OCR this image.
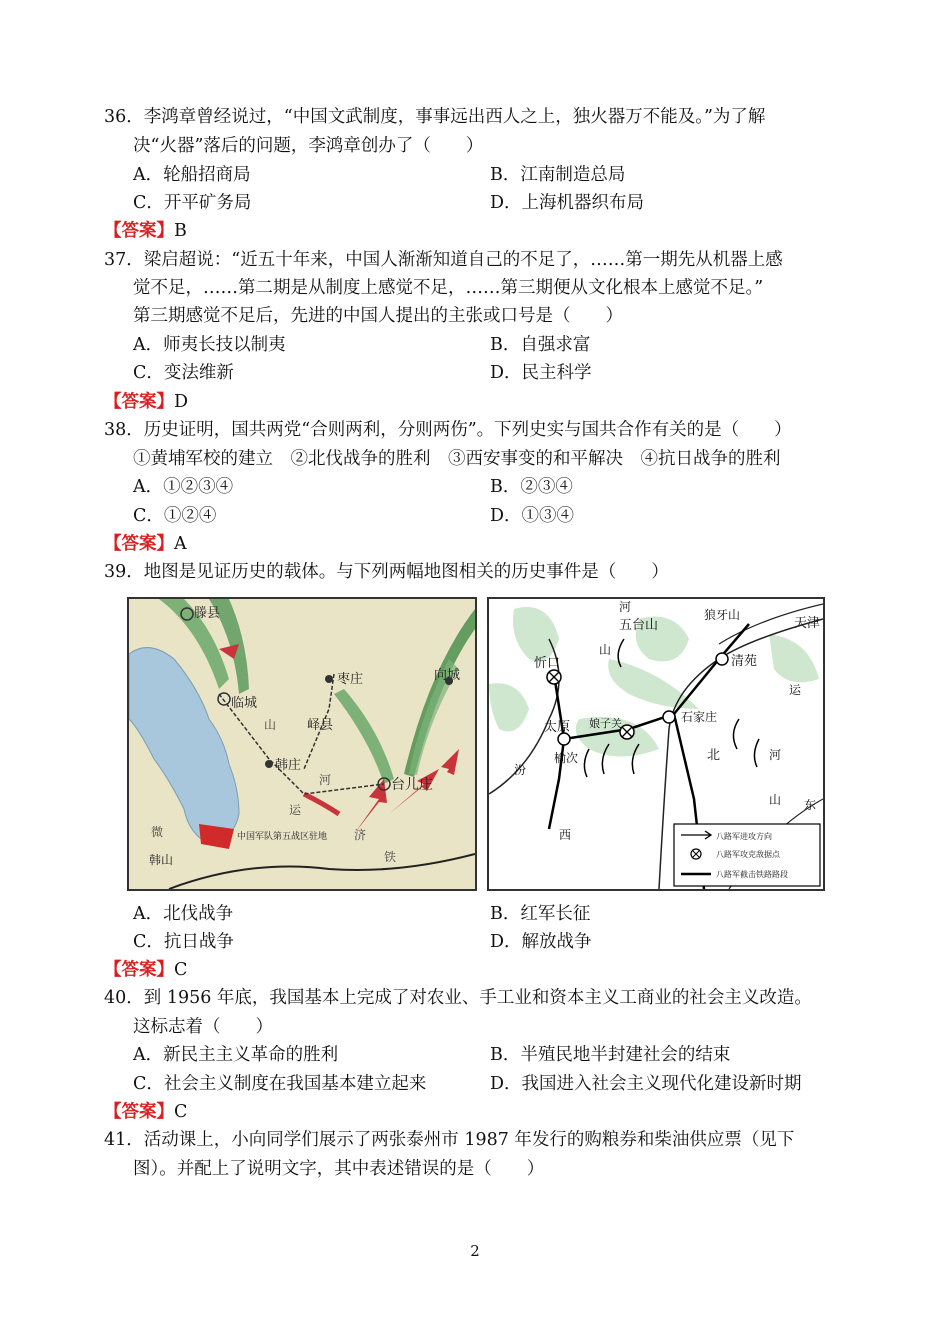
36．李鸿章曾经说过，“中国文武制度，事事远出西人之上，独火器万不能及。”为了解
决“火器”落后的问题，李鸿章创办了（　　）
A．轮船招商局	B．江南制造总局
C．开平矿务局	D．上海机器织布局
【答案】B
37．梁启超说：“近五十年来，中国人渐渐知道自己的不足了，……第一期先从机器上感
觉不足，……第二期是从制度上感觉不足，……第三期便从文化根本上感觉不足。”
第三期感觉不足后，先进的中国人提出的主张或口号是（　　）
A．师夷长技以制夷	B．自强求富
C．变法维新	D．民主科学
【答案】D
38．历史证明，国共两党“合则两利，分则两伤”。下列史实与国共合作有关的是（　　）
①黄埔军校的建立　②北伐战争的胜利　③西安事变的和平解决　④抗日战争的胜利
A．①②③④	B．②③④
C．①②④	D．①③④
【答案】A
39．地图是见证历史的载体。与下列两幅地图相关的历史事件是（　　）
滕县
临城
枣庄
峄县
韩庄
台儿庄
向城
山
河
运
微	中国军队第五战区驻地
韩山	铁
济
五台山
狼牙山
天津
山
忻口	清苑
运
娘子关	石家庄
太原
榆次	北	河
汾
西
山 东
河
八路军进攻方向
八路军攻克敌据点
八路军截击铁路路段
A．北伐战争	B．红军长征
C．抗日战争	D．解放战争
【答案】C
40．到 1956 年底，我国基本上完成了对农业、手工业和资本主义工商业的社会主义改造。
这标志着（　　）
A．新民主主义革命的胜利	B．半殖民地半封建社会的结束
C．社会主义制度在我国基本建立起来	D．我国进入社会主义现代化建设新时期
【答案】C
41．活动课上，小向同学们展示了两张泰州市 1987 年发行的购粮券和柴油供应票（见下
图）。并配上了说明文字，其中表述错误的是（　　）
2
